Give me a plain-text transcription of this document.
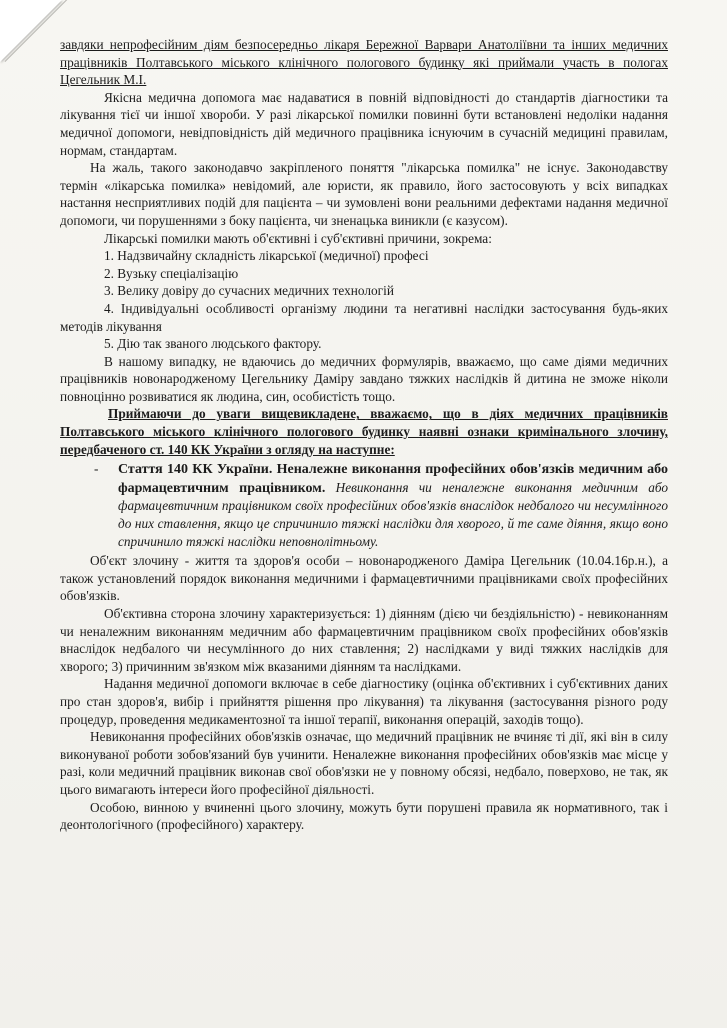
завдяки непрофесійним діям безпосередньо лікаря Бережної Варвари Анатоліївни та інших медичних працівників Полтавського міського клінічного пологового будинку які приймали участь в пологах Цегельник М.І.

Якісна медична допомога має надаватися в повній відповідності до стандартів діагностики та лікування тієї чи іншої хвороби. У разі лікарської помилки повинні бути встановлені недоліки надання медичної допомоги, невідповідність дій медичного працівника існуючим в сучасній медицині правилам, нормам, стандартам.

На жаль, такого законодавчо закріпленого поняття "лікарська помилка" не існує. Законодавству термін «лікарська помилка» невідомий, але юристи, як правило, його застосовують у всіх випадках настання несприятливих подій для пацієнта – чи зумовлені вони реальними дефектами надання медичної допомоги, чи порушеннями з боку пацієнта, чи зненацька виникли (є казусом).

Лікарські помилки мають об'єктивні і суб'єктивні причини, зокрема:

1. Надзвичайну складність лікарської (медичної) професі

2. Вузьку спеціалізацію

3. Велику довіру до сучасних медичних технологій

4. Індивідуальні особливості організму людини та негативні наслідки застосування будь-яких методів лікування

5. Дію так званого людського фактору.

В нашому випадку, не вдаючись до медичних формулярів, вважаємо, що саме діями медичних працівників новонародженому Цегельнику Даміру завдано тяжких наслідків й дитина не зможе ніколи повноцінно розвиватися як людина, син, особистість тощо.

Приймаючи до уваги вищевикладене, вважаємо, що в діях медичних працівників Полтавського міського клінічного пологового будинку наявні ознаки кримінального злочину, передбаченого ст. 140 КК України з огляду на наступне:

- Стаття 140 КК України. Неналежне виконання професійних обов'язків медичним або фармацевтичним працівником. Невиконання чи неналежне виконання медичним або фармацевтичним працівником своїх професійних обов'язків внаслідок недбалого чи несумлінного до них ставлення, якщо це спричинило тяжкі наслідки для хворого, й те саме діяння, якщо воно спричинило тяжкі наслідки неповнолітньому.

Об'єкт злочину - життя та здоров'я особи – новонародженого Даміра Цегельник (10.04.16р.н.), а також установлений порядок виконання медичними і фармацевтичними працівниками своїх професійних обов'язків.

Об'єктивна сторона злочину характеризується: 1) діянням (дією чи бездіяльністю) - невиконанням чи неналежним виконанням медичним або фармацевтичним працівником своїх професійних обов'язків внаслідок недбалого чи несумлінного до них ставлення; 2) наслідками у виді тяжких наслідків для хворого; 3) причинним зв'язком між вказаними діянням та наслідками.

Надання медичної допомоги включає в себе діагностику (оцінка об'єктивних і суб'єктивних даних про стан здоров'я, вибір і прийняття рішення про лікування) та лікування (застосування різного роду процедур, проведення медикаментозної та іншої терапії, виконання операцій, заходів тощо).

Невиконання професійних обов'язків означає, що медичний працівник не вчиняє ті дії, які він в силу виконуваної роботи зобов'язаний був учинити. Неналежне виконання професійних обов'язків має місце у разі, коли медичний працівник виконав свої обов'язки не у повному обсязі, недбало, поверхово, не так, як цього вимагають інтереси його професійної діяльності.

Особою, винною у вчиненні цього злочину, можуть бути порушені правила як нормативного, так і деонтологічного (професійного) характеру.
